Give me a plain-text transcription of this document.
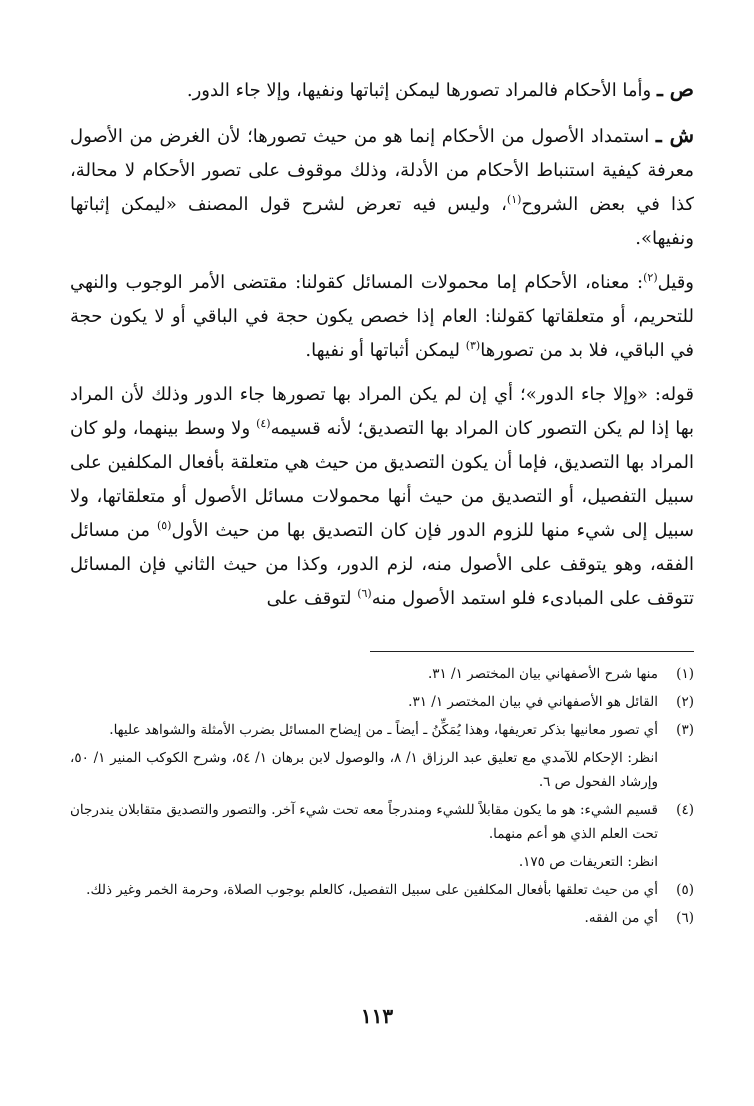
ص ـ وأما الأحكام فالمراد تصورها ليمكن إثباتها ونفيها، وإلا جاء الدور.

ش ـ استمداد الأصول من الأحكام إنما هو من حيث تصورها؛ لأن الغرض من الأصول معرفة كيفية استنباط الأحكام من الأدلة، وذلك موقوف على تصور الأحكام لا محالة، كذا في بعض الشروح$^{(١)}$، وليس فيه تعرض لشرح قول المصنف «ليمكن إثباتها ونفيها».

وقيل$^{(٢)}$: معناه، الأحكام إما محمولات المسائل كقولنا: مقتضى الأمر الوجوب والنهي للتحريم، أو متعلقاتها كقولنا: العام إذا خصص يكون حجة في الباقي أو لا يكون حجة في الباقي، فلا بد من تصورها$^{(٣)}$ ليمكن أثباتها أو نفيها.

قوله: «وإلا جاء الدور»؛ أي إن لم يكن المراد بها تصورها جاء الدور وذلك لأن المراد بها إذا لم يكن التصور كان المراد بها التصديق؛ لأنه قسيمه$^{(٤)}$ ولا وسط بينهما، ولو كان المراد بها التصديق، فإما أن يكون التصديق من حيث هي متعلقة بأفعال المكلفين على سبيل التفصيل، أو التصديق من حيث أنها محمولات مسائل الأصول أو متعلقاتها، ولا سبيل إلى شيء منها للزوم الدور فإن كان التصديق بها من حيث الأول$^{(٥)}$ من مسائل الفقه، وهو يتوقف على الأصول منه، لزم الدور، وكذا من حيث الثاني فإن المسائل تتوقف على المبادىء فلو استمد الأصول منه$^{(٦)}$ لتوقف على

(١)

منها شرح الأصفهاني بيان المختصر ١/ ٣١.

(٢)

القائل هو الأصفهاني في بيان المختصر ١/ ٣١.

(٣)

أي تصور معانيها بذكر تعريفها، وهذا يُمَكِّنُ ـ أيضاً ـ من إيضاح المسائل بضرب الأمثلة والشواهد عليها.

انظر: الإحكام للآمدي مع تعليق عبد الرزاق ١/ ٨، والوصول لابن برهان ١/ ٥٤، وشرح الكوكب المنير ١/ ٥٠، وإرشاد الفحول ص ٦.

(٤)

قسيم الشيء: هو ما يكون مقابلاً للشيء ومندرجاً معه تحت شيء آخر. والتصور والتصديق متقابلان يندرجان تحت العلم الذي هو أعم منهما.

انظر: التعريفات ص ١٧٥.

(٥)

أي من حيث تعلقها بأفعال المكلفين على سبيل التفصيل، كالعلم بوجوب الصلاة، وحرمة الخمر وغير ذلك.

(٦)

أي من الفقه.

١١٣
